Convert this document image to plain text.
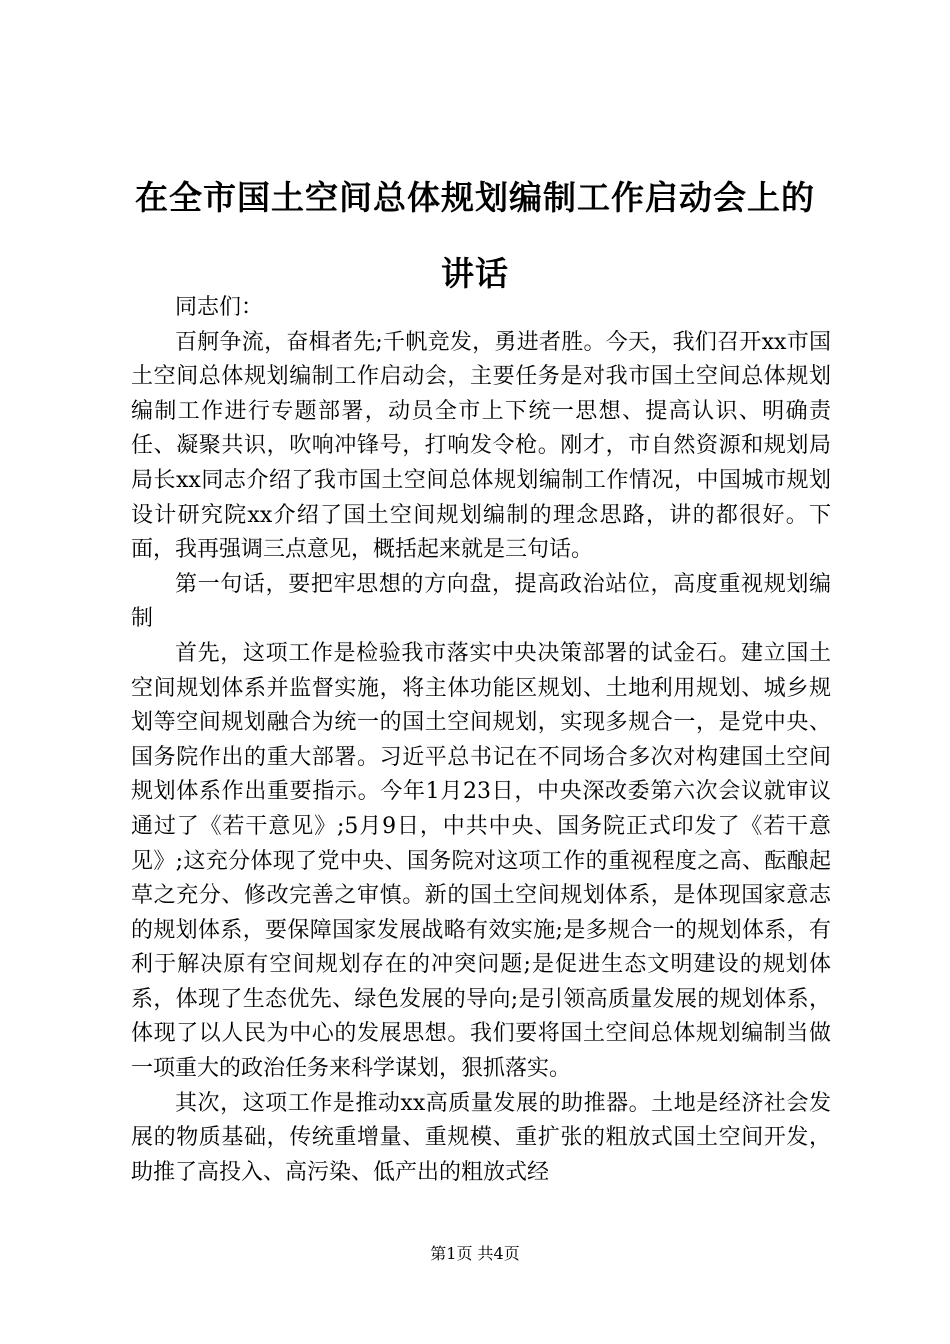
在全市国土空间总体规划编制工作启动会上的讲话

同志们：

百舸争流，奋楫者先;千帆竞发，勇进者胜。今天，我们召开xx市国土空间总体规划编制工作启动会，主要任务是对我市国土空间总体规划编制工作进行专题部署，动员全市上下统一思想、提高认识、明确责任、凝聚共识，吹响冲锋号，打响发令枪。刚才，市自然资源和规划局局长xx同志介绍了我市国土空间总体规划编制工作情况，中国城市规划设计研究院xx介绍了国土空间规划编制的理念思路，讲的都很好。下面，我再强调三点意见，概括起来就是三句话。

第一句话，要把牢思想的方向盘，提高政治站位，高度重视规划编制

首先，这项工作是检验我市落实中央决策部署的试金石。建立国土空间规划体系并监督实施，将主体功能区规划、土地利用规划、城乡规划等空间规划融合为统一的国土空间规划，实现多规合一，是党中央、国务院作出的重大部署。习近平总书记在不同场合多次对构建国土空间规划体系作出重要指示。今年1月23日，中央深改委第六次会议就审议通过了《若干意见》;5月9日，中共中央、国务院正式印发了《若干意见》;这充分体现了党中央、国务院对这项工作的重视程度之高、酝酿起草之充分、修改完善之审慎。新的国土空间规划体系，是体现国家意志的规划体系，要保障国家发展战略有效实施;是多规合一的规划体系，有利于解决原有空间规划存在的冲突问题;是促进生态文明建设的规划体系，体现了生态优先、绿色发展的导向;是引领高质量发展的规划体系，体现了以人民为中心的发展思想。我们要将国土空间总体规划编制当做一项重大的政治任务来科学谋划，狠抓落实。

其次，这项工作是推动xx高质量发展的助推器。土地是经济社会发展的物质基础，传统重增量、重规模、重扩张的粗放式国土空间开发，助推了高投入、高污染、低产出的粗放式经

第1页 共4页
